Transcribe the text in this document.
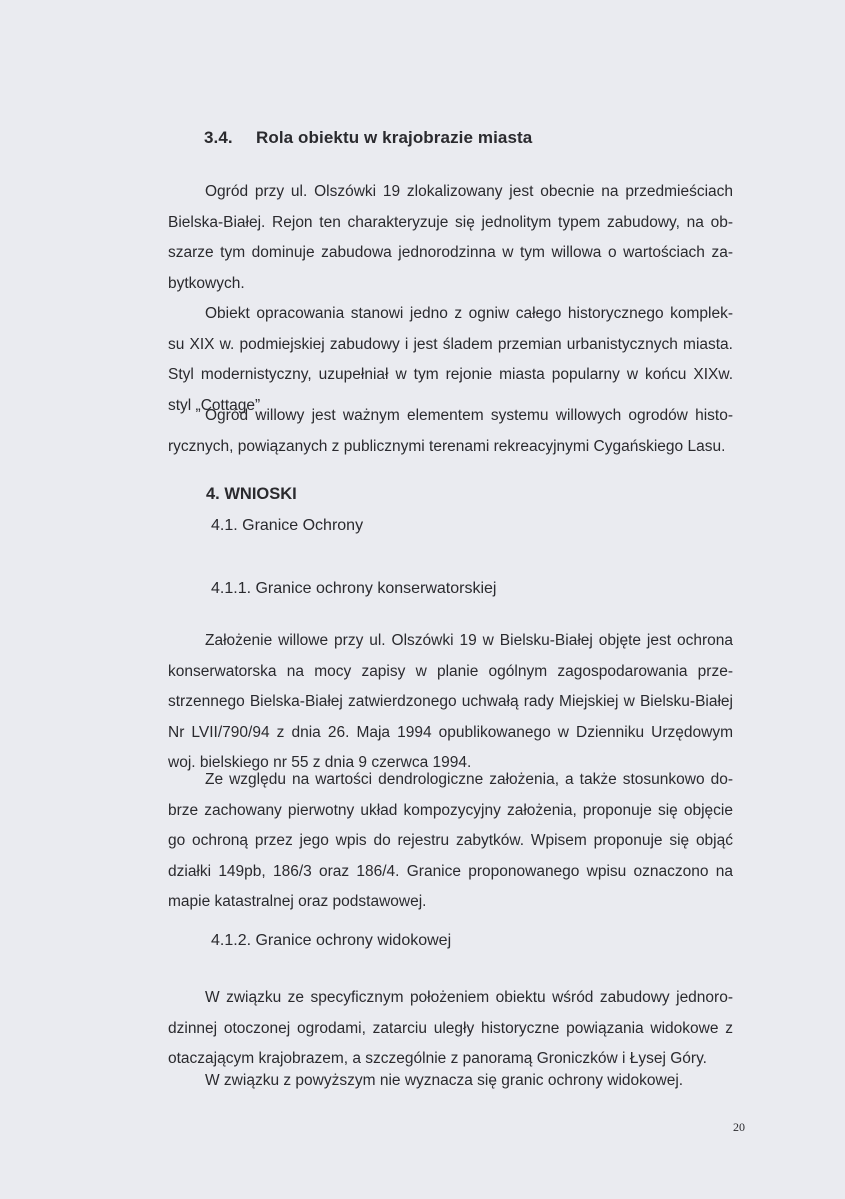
3.4. Rola obiektu w krajobrazie miasta
Ogród przy ul. Olszówki 19 zlokalizowany jest obecnie na przedmieściach
Bielska-Białej. Rejon ten charakteryzuje się jednolitym typem zabudowy, na ob-
szarze tym dominuje zabudowa jednorodzinna w tym willowa o wartościach za-
bytkowych.
Obiekt opracowania stanowi jedno z ogniw całego historycznego komplek-
su XIX w. podmiejskiej zabudowy i jest śladem przemian urbanistycznych miasta.
Styl modernistyczny, uzupełniał w tym rejonie miasta popularny w końcu XIXw.
styl „Cottage”
Ogród willowy jest ważnym elementem systemu willowych ogrodów histo-
rycznych, powiązanych z publicznymi terenami rekreacyjnymi Cygańskiego Lasu.
4. WNIOSKI
4.1. Granice Ochrony
4.1.1. Granice ochrony konserwatorskiej
Założenie willowe przy ul. Olszówki 19 w Bielsku-Białej objęte jest ochrona
konserwatorska na mocy zapisy w planie ogólnym zagospodarowania prze-
strzennego Bielska-Białej zatwierdzonego uchwałą rady Miejskiej w Bielsku-Białej
Nr LVII/790/94 z dnia 26. Maja 1994 opublikowanego w Dzienniku Urzędowym
woj. bielskiego nr 55 z dnia 9 czerwca 1994.
Ze względu na wartości dendrologiczne założenia, a także stosunkowo do-
brze zachowany pierwotny układ kompozycyjny założenia, proponuje się objęcie
go ochroną przez jego wpis do rejestru zabytków. Wpisem proponuje się objąć
działki 149pb, 186/3 oraz 186/4. Granice proponowanego wpisu oznaczono na
mapie katastralnej oraz podstawowej.
4.1.2. Granice ochrony widokowej
W związku ze specyficznym położeniem obiektu wśród zabudowy jednoro-
dzinnej otoczonej ogrodami, zatarciu uległy historyczne powiązania widokowe z
otaczającym krajobrazem, a szczególnie z panoramą Groniczków i Łysej Góry.
W związku z powyższym nie wyznacza się granic ochrony widokowej.
20
